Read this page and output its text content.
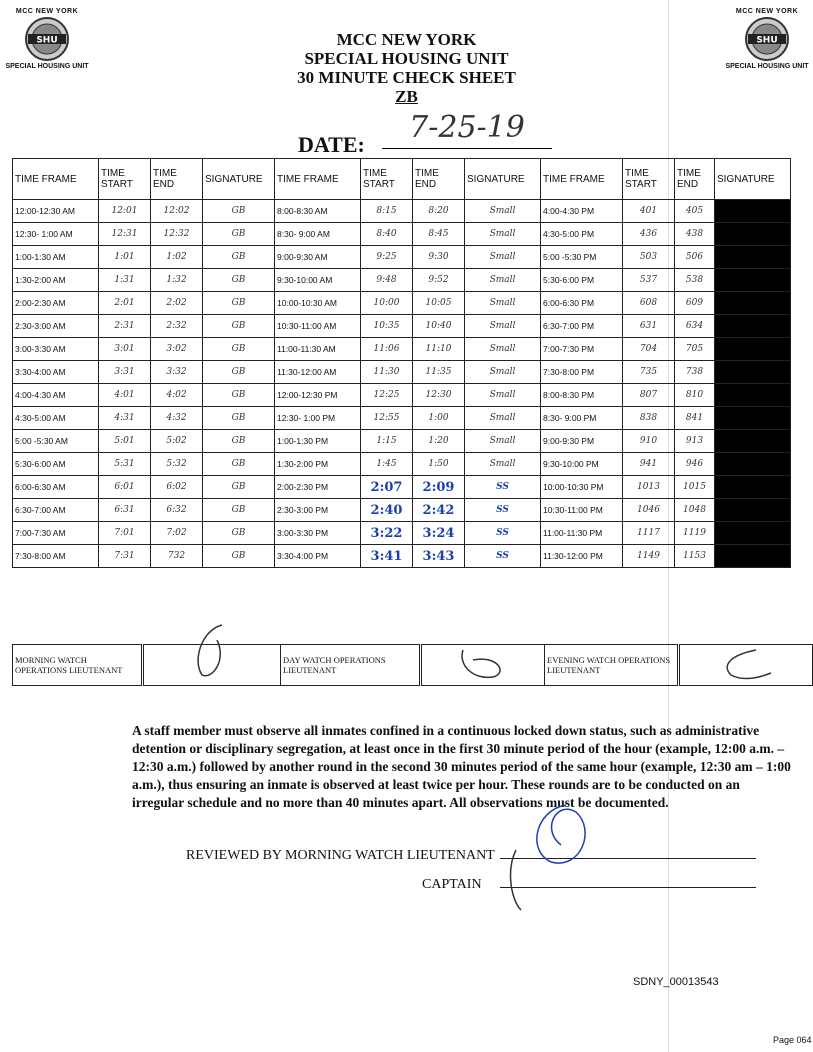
MCC NEW YORK
SHU
SPECIAL HOUSING UNIT
MCC NEW YORK
SHU
SPECIAL HOUSING UNIT
MCC NEW YORK
SPECIAL HOUSING UNIT
30 MINUTE CHECK SHEET
ZB
DATE:	7-25-19
TIME FRAME	TIME START	TIME END	SIGNATURE	TIME FRAME	TIME START	TIME END	SIGNATURE	TIME FRAME	TIME START	TIME END	SIGNATURE
12:00-12:30 AM	12:01	12:02	GB	8:00-8:30 AM	8:15	8:20	Small	4:00-4:30 PM	401	405	
12:30- 1:00 AM	12:31	12:32	GB	8:30- 9:00 AM	8:40	8:45	Small	4:30-5:00 PM	436	438	
1:00-1:30 AM	1:01	1:02	GB	9:00-9:30 AM	9:25	9:30	Small	5:00 -5:30 PM	503	506	
1:30-2:00 AM	1:31	1:32	GB	9:30-10:00 AM	9:48	9:52	Small	5:30-6:00 PM	537	538	
2:00-2:30 AM	2:01	2:02	GB	10:00-10:30 AM	10:00	10:05	Small	6:00-6:30 PM	608	609	
2:30-3:00 AM	2:31	2:32	GB	10:30-11:00 AM	10:35	10:40	Small	6:30-7:00 PM	631	634	
3:00-3:30 AM	3:01	3:02	GB	11:00-11:30 AM	11:06	11:10	Small	7:00-7:30 PM	704	705	
3:30-4:00 AM	3:31	3:32	GB	11:30-12:00 AM	11:30	11:35	Small	7:30-8:00 PM	735	738	
4:00-4:30 AM	4:01	4:02	GB	12:00-12:30 PM	12:25	12:30	Small	8:00-8:30 PM	807	810	
4:30-5:00 AM	4:31	4:32	GB	12:30- 1:00 PM	12:55	1:00	Small	8:30- 9:00 PM	838	841	
5:00 -5:30 AM	5:01	5:02	GB	1:00-1:30 PM	1:15	1:20	Small	9:00-9:30 PM	910	913	
5:30-6:00 AM	5:31	5:32	GB	1:30-2:00 PM	1:45	1:50	Small	9:30-10:00 PM	941	946	
6:00-6:30 AM	6:01	6:02	GB	2:00-2:30 PM	2:07	2:09	SS	10:00-10:30 PM	1013	1015	
6:30-7:00 AM	6:31	6:32	GB	2:30-3:00 PM	2:40	2:42	SS	10:30-11:00 PM	1046	1048	
7:00-7:30 AM	7:01	7:02	GB	3:00-3:30 PM	3:22	3:24	SS	11:00-11:30 PM	1117	1119	
7:30-8:00 AM	7:31	732	GB	3:30-4:00 PM	3:41	3:43	SS	11:30-12:00 PM	1149	1153	
MORNING WATCH OPERATIONS LIEUTENANT		DAY WATCH OPERATIONS LIEUTENANT		EVENING WATCH OPERATIONS LIEUTENANT	
A staff member must observe all inmates confined in a continuous locked down status, such as administrative detention or disciplinary segregation, at least once in the first 30 minute period of the hour (example, 12:00 a.m. – 12:30 a.m.) followed by another round in the second 30 minutes period of the same hour (example, 12:30 am – 1:00 a.m.), thus ensuring an inmate is observed at least twice per hour. These rounds are to be conducted on an irregular schedule and no more than 40 minutes apart. All observations must be documented.
REVIEWED BY MORNING WATCH LIEUTENANT
CAPTAIN
SDNY_00013543
Page 064
